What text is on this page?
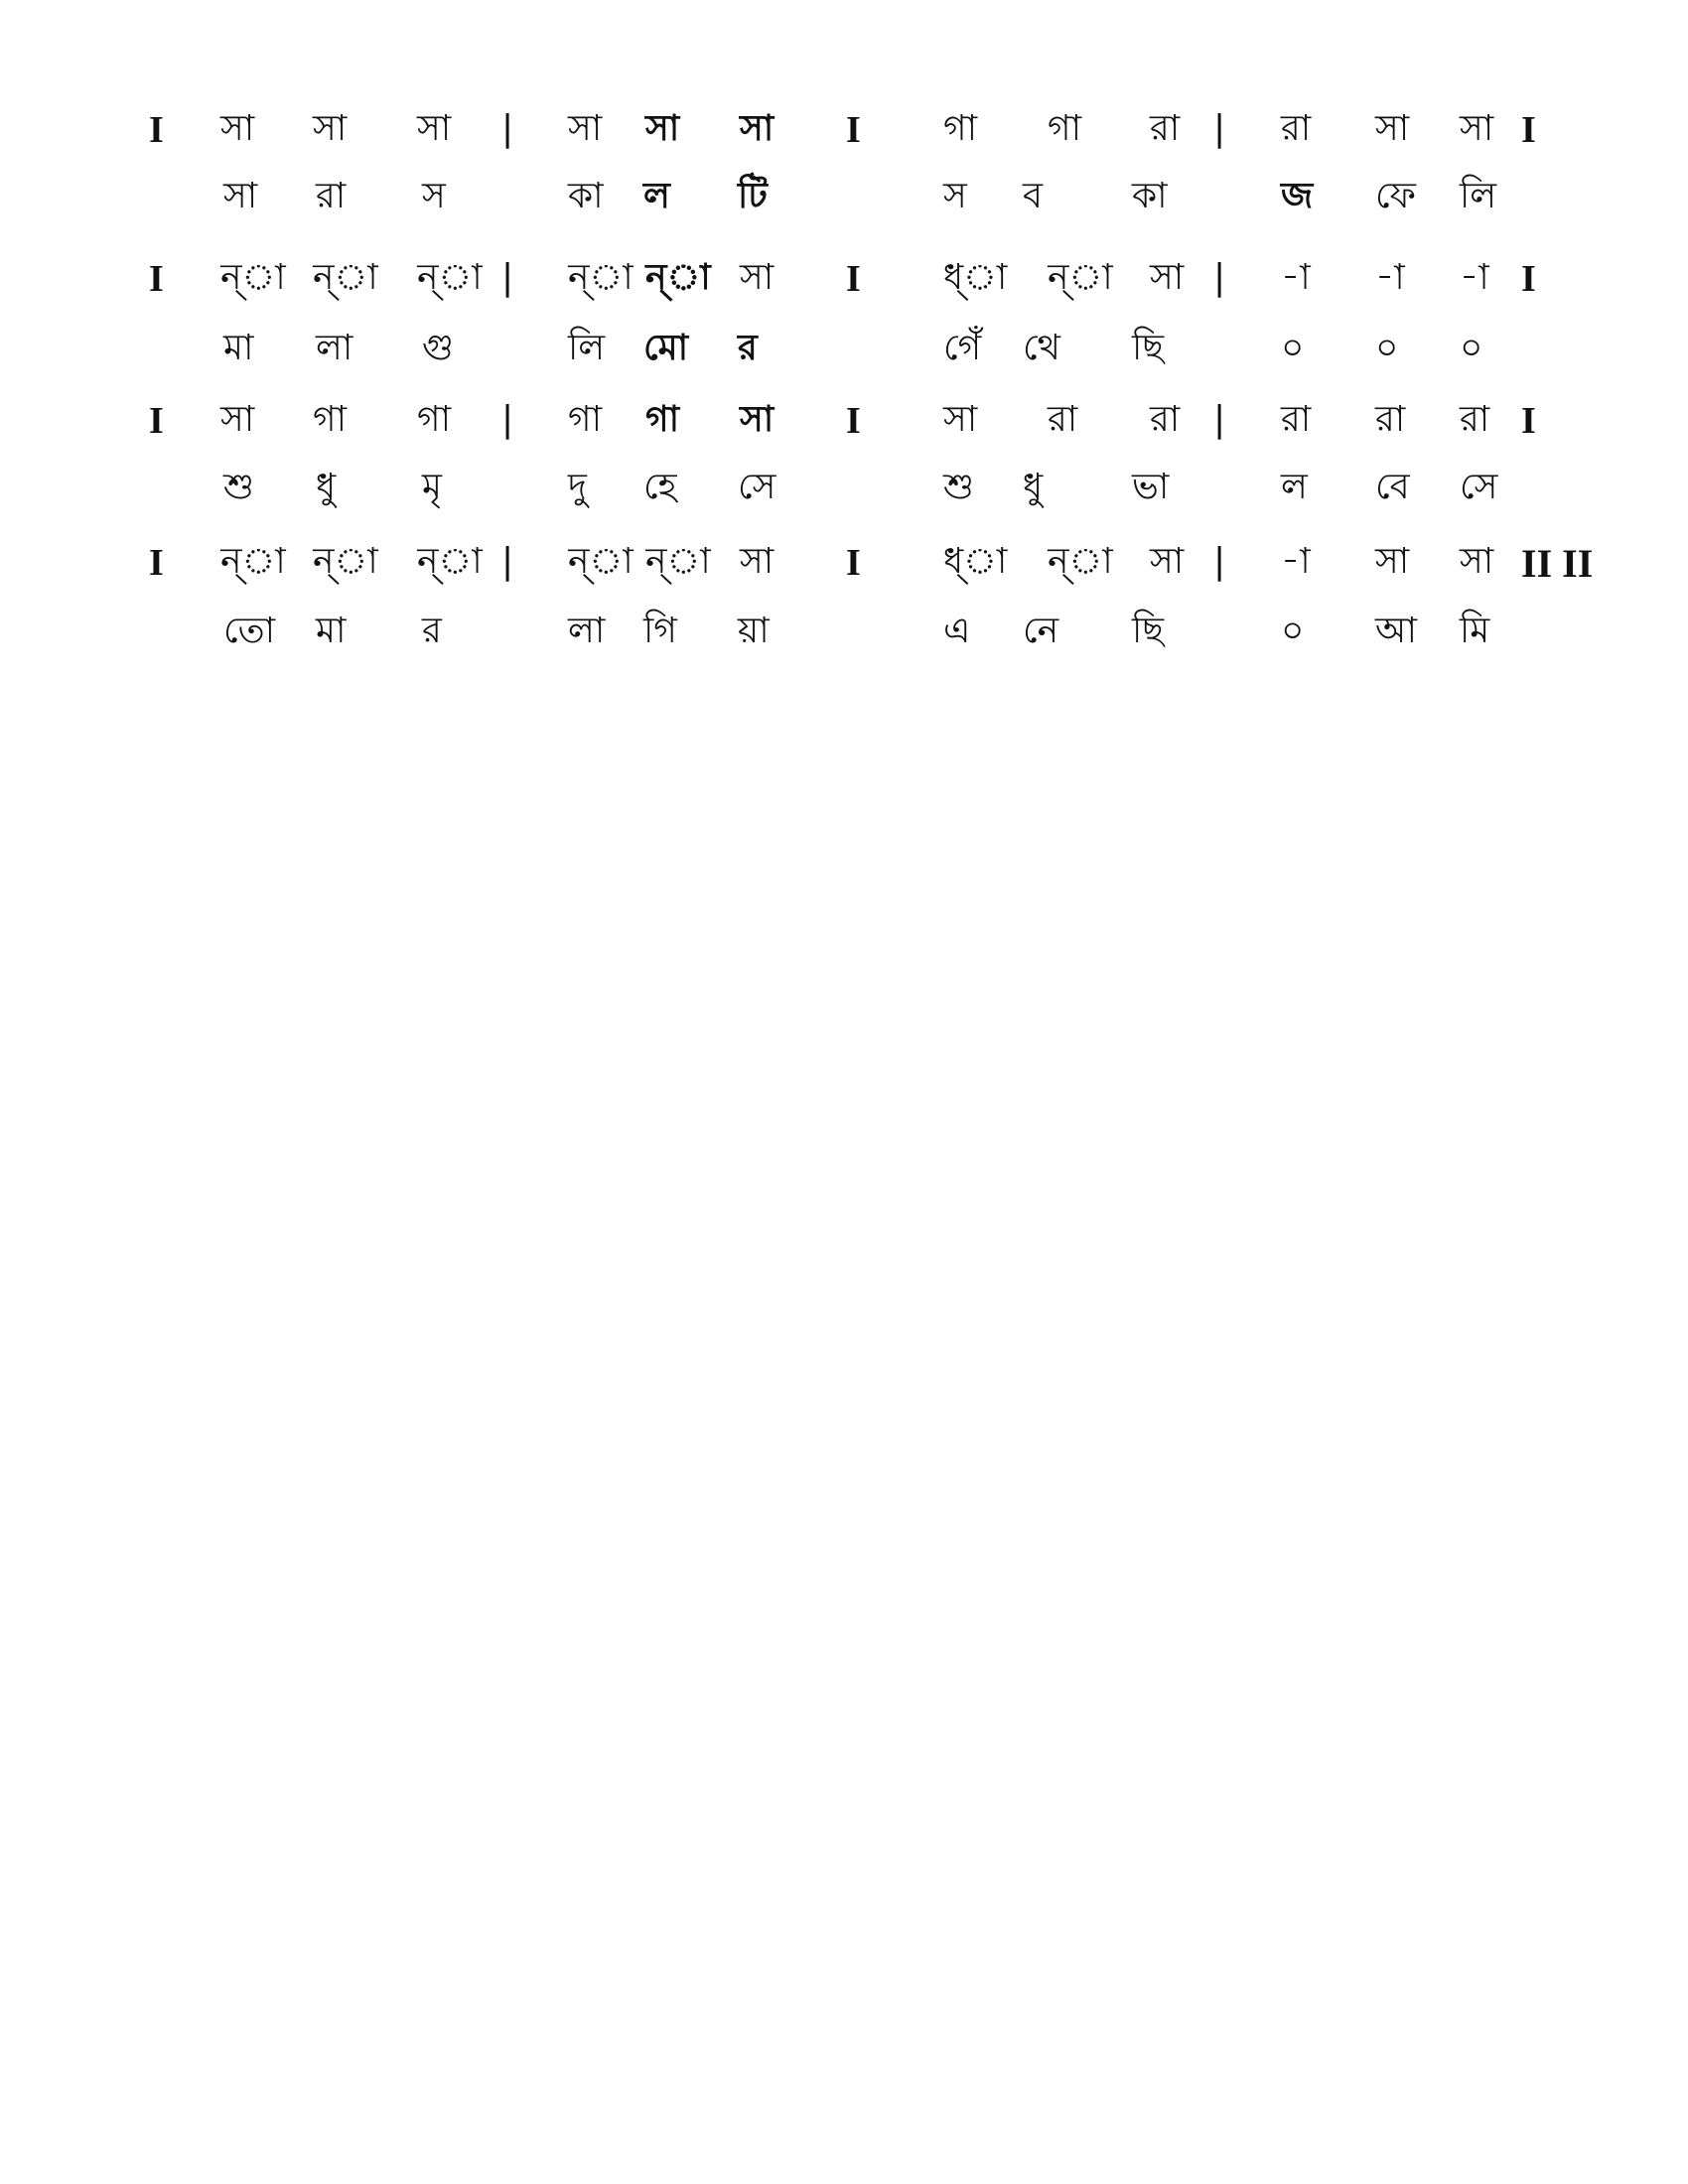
I সা সা সা | সা সা সা I গা গা রা | রা সা সা I
সা রা স	কা ল টি	স ব কা	জ ফে লি
I ন্া ন্া ন্া | ন্া ন্া সা I ধ্া ন্া সা | -া -া -া I
মা লা গু	লি মো র	গেঁ থে ছি	০ ০ ০
I সা গা গা | গা গা সা I সা রা রা | রা রা রা I
শু ধু মৃ	দু হে সে	শু ধু ভা	ল বে সে
I ন্া ন্া ন্া | ন্া ন্া সা I ধ্া ন্া সা | -া সা সা II II
তো মা র	লা গি য়া	এ নে ছি	০ আ মি
